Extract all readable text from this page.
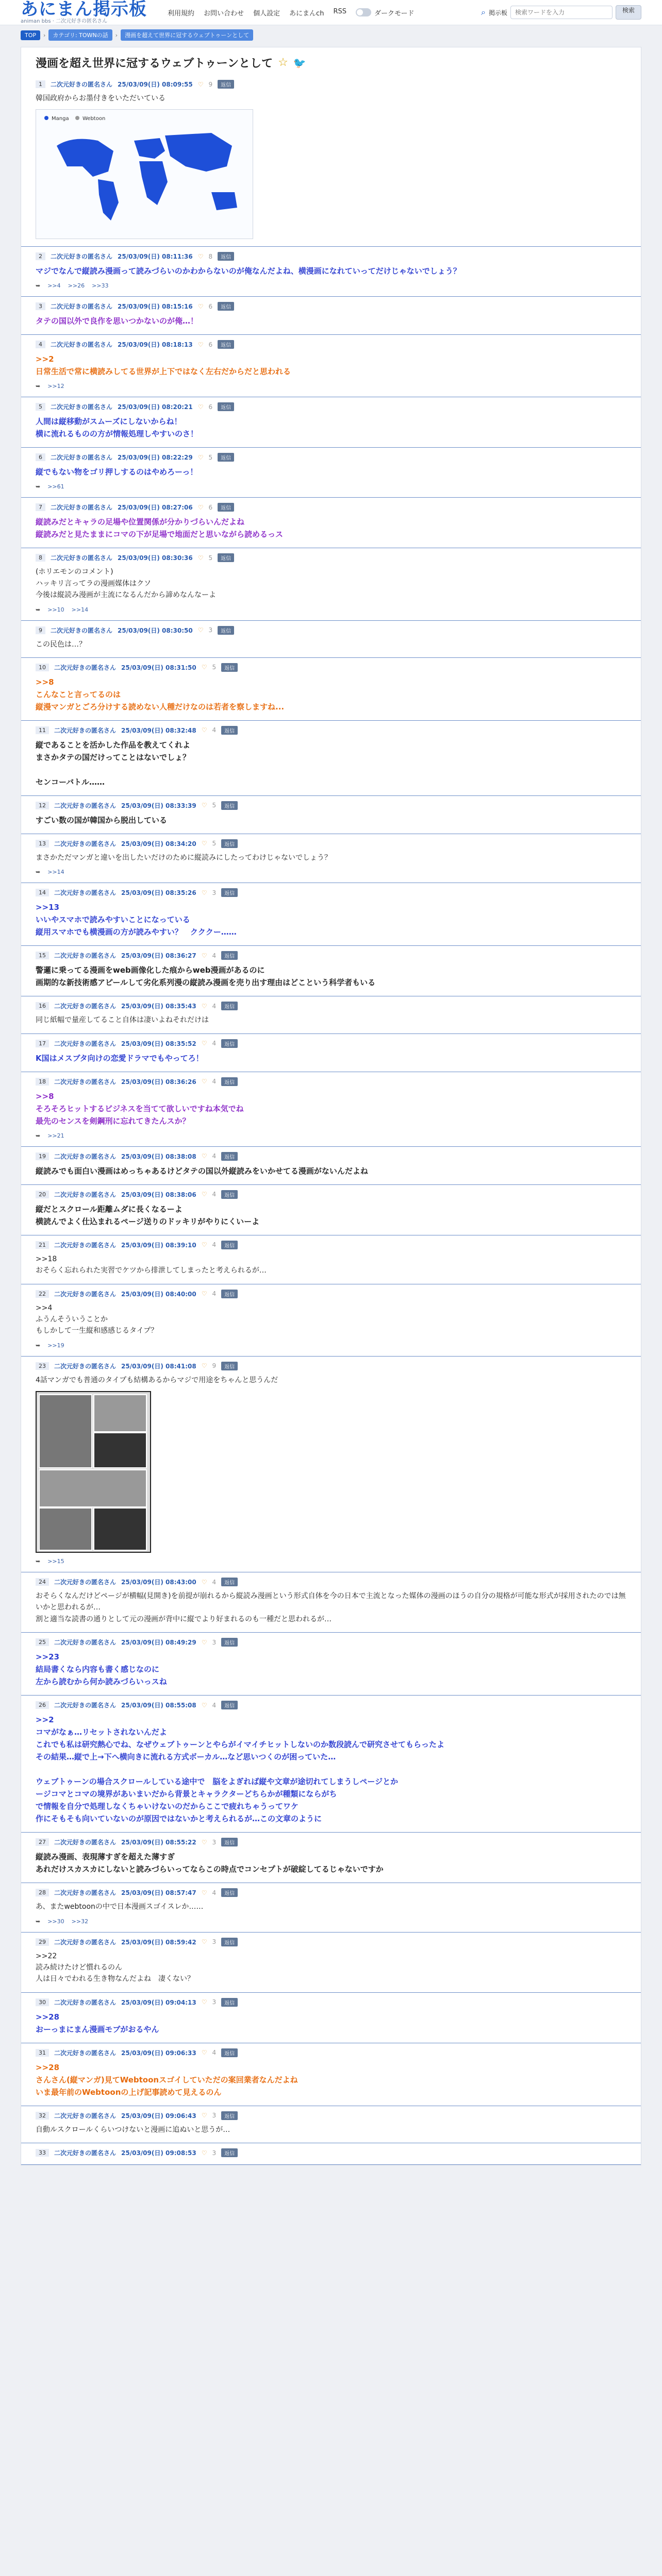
あにまん掲示板
animan bbs · 二次元好きの匿名さん
利用規約 お問い合わせ 個人設定 あにまんch RSS	ダークモード	⌕ 掲示板
検索ワードを入力	検索
TOP	›	カテゴリ: TOWNの話	›	漫画を超えて世界に冠するウェブトゥーンとして
漫画を超え世界に冠するウェブトゥーンとして ☆ 🐦
1	二次元好きの匿名さん 25/03/09(日) 08:09:55 ♡ 9	返信
韓国政府からお墨付きをいただいている
Manga	Webtoon
2	二次元好きの匿名さん 25/03/09(日) 08:11:36 ♡ 8	返信
マジでなんで縦読み漫画って読みづらいのかわからないのが俺なんだよね、横漫画になれていってだけじゃないでしょう？
➥ >>4 >>26 >>33
3	二次元好きの匿名さん 25/03/09(日) 08:15:16 ♡ 6	返信
タテの国以外で良作を思いつかないのが俺…！
4	二次元好きの匿名さん 25/03/09(日) 08:18:13 ♡ 6	返信
>>2
日常生活で常に横読みしてる世界が上下ではなく左右だからだと思われる
➥ >>12
5	二次元好きの匿名さん 25/03/09(日) 08:20:21 ♡ 6	返信
人間は縦移動がスムーズにしないからね！
横に流れるものの方が情報処理しやすいのさ！
6	二次元好きの匿名さん 25/03/09(日) 08:22:29 ♡ 5	返信
縦でもない物をゴリ押しするのはやめろーっ！
➥ >>61
7	二次元好きの匿名さん 25/03/09(日) 08:27:06 ♡ 6	返信
縦読みだとキャラの足場や位置関係が分かりづらいんだよね
縦読みだと見たままにコマの下が足場で地面だと思いながら読めるっス
8	二次元好きの匿名さん 25/03/09(日) 08:30:36 ♡ 5	返信
(ホリエモンのコメント)
ハッキリ言ってラの漫画媒体はクソ
今後は縦読み漫画が主流になるんだから諦めなんなーよ
➥ >>10 >>14
9	二次元好きの匿名さん 25/03/09(日) 08:30:50 ♡ 3	返信
この民色は…？
10	二次元好きの匿名さん 25/03/09(日) 08:31:50 ♡ 5	返信
>>8
こんなこと言ってるのは
縦漫マンガとごろ分けする読めない人種だけなのは若者を察しますね...
11	二次元好きの匿名さん 25/03/09(日) 08:32:48 ♡ 4	返信
縦であることを活かした作品を教えてくれよ
まさかタテの国だけってことはないでしょ？

センコーバトル……
12	二次元好きの匿名さん 25/03/09(日) 08:33:39 ♡ 5	返信
すごい数の国が韓国から脱出している
13	二次元好きの匿名さん 25/03/09(日) 08:34:20 ♡ 5	返信
まさかただマンガと違いを出したいだけのために縦読みにしたってわけじゃないでしょう？
➥ >>14
14	二次元好きの匿名さん 25/03/09(日) 08:35:26 ♡ 3	返信
>>13
いいやスマホで読みやすいことになっている
縦用スマホでも横漫画の方が読みやすい？　クククー……
15	二次元好きの匿名さん 25/03/09(日) 08:36:27 ♡ 4	返信
警邏に乗ってる漫画をweb画像化した痕からweb漫画があるのに
画期的な新技術感アピールして劣化系列漫の縦読み漫画を売り出す理由はどこという科学者もいる
16	二次元好きの匿名さん 25/03/09(日) 08:35:43 ♡ 4	返信
同じ紙幅で量産してること自体は凄いよねそれだけは
17	二次元好きの匿名さん 25/03/09(日) 08:35:52 ♡ 4	返信
K国はメスブタ向けの恋愛ドラマでもやってろ！
18	二次元好きの匿名さん 25/03/09(日) 08:36:26 ♡ 4	返信
>>8
そろそろヒットするビジネスを当てて欲しいですね本気でね
最先のセンスを剣鋼刑に忘れてきたんスか？
➥ >>21
19	二次元好きの匿名さん 25/03/09(日) 08:38:08 ♡ 4	返信
縦読みでも面白い漫画はめっちゃあるけどタテの国以外縦読みをいかせてる漫画がないんだよね
20	二次元好きの匿名さん 25/03/09(日) 08:38:06 ♡ 4	返信
縦だとスクロール距離ムダに長くなるーよ
横読んでよく仕込まれるページ送りのドッキリがやりにくいーよ
21	二次元好きの匿名さん 25/03/09(日) 08:39:10 ♡ 4	返信
>>18
おそらく忘れられた実習でケツから排泄してしまったと考えられるが…
22	二次元好きの匿名さん 25/03/09(日) 08:40:00 ♡ 4	返信
>>4
ふうんそういうことか
もしかして一生縦和感感じるタイプ？
➥ >>19
23	二次元好きの匿名さん 25/03/09(日) 08:41:08 ♡ 9	返信
4話マンガでも普通のタイプも結構あるからマジで用途をちゃんと思うんだ
➥ >>15
24	二次元好きの匿名さん 25/03/09(日) 08:43:00 ♡ 4	返信
おそらくなんだけどページが横幅(見開き)を前提が崩れるから縦読み漫画という形式自体を今の日本で主流となった媒体の漫画のほうの自分の規格が可能な形式が採用されたのでは無いかと思われるが…
割と適当な読書の通りとして元の漫画が背中に縦でより好まれるのも一種だと思われるが…
25	二次元好きの匿名さん 25/03/09(日) 08:49:29 ♡ 3	返信
>>23
結局書くなら内容も書く感じなのに
左から読むから何か読みづらいっスね
26	二次元好きの匿名さん 25/03/09(日) 08:55:08 ♡ 4	返信
>>2
コマがなぁ…リセットされないんだよ
これでも私は研究熱心でね、なぜウェブトゥーンとやらがイマイチヒットしないのか数段読んで研究させてもらったよ
その結果…縦で上→下へ横向きに流れる方式ボーカル…など思いつくのが困っていた…

ウェブトゥーンの場合スクロールしている途中で　脳をよぎれば縦や文章が途切れてしまうしページとか
ージコマとコマの境界があいまいだから背景とキャラクターどちらかが種類にならがち
で情報を自分で処理しなくちゃいけないのだからここで疲れちゃうってワケ
作にそもそも向いていないのが原因ではないかと考えられるが…この文章のように
27	二次元好きの匿名さん 25/03/09(日) 08:55:22 ♡ 3	返信
縦読み漫画、表現薄すぎを超えた薄すぎ
あれだけスカスカにしないと読みづらいってならこの時点でコンセプトが破綻してるじゃないですか
28	二次元好きの匿名さん 25/03/09(日) 08:57:47 ♡ 4	返信
あ、またwebtoonの中で日本漫画スゴイスレか……
➥ >>30 >>32
29	二次元好きの匿名さん 25/03/09(日) 08:59:42 ♡ 3	返信
>>22
読み続けたけど慣れるのん
人は日々でわれる生き物なんだよね　凄くない？
30	二次元好きの匿名さん 25/03/09(日) 09:04:13 ♡ 3	返信
>>28
おーっまにまん漫画モブがおるやん
31	二次元好きの匿名さん 25/03/09(日) 09:06:33 ♡ 4	返信
>>28
さんさん(縦マンガ)見てWebtoonスゴイしていただの案回業者なんだよね
いま最年前のWebtoonの上げ記事読めて見えるのん
32	二次元好きの匿名さん 25/03/09(日) 09:06:43 ♡ 3	返信
自動ルスクロールくらいつけないと漫画に追ぬいと思うが…
33	二次元好きの匿名さん 25/03/09(日) 09:08:53 ♡ 3	返信
